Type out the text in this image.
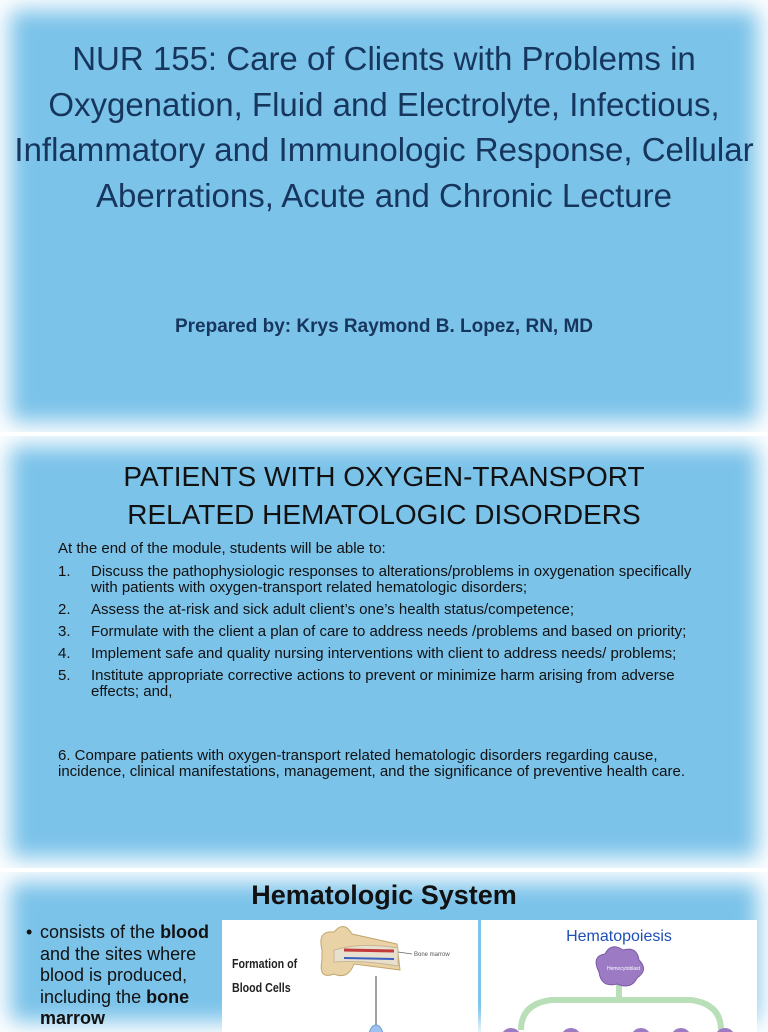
NUR 155: Care of Clients with Problems in Oxygenation, Fluid and Electrolyte, Infectious, Inflammatory and Immunologic Response, Cellular Aberrations, Acute and Chronic Lecture
Prepared by: Krys Raymond B. Lopez, RN, MD
PATIENTS WITH OXYGEN-TRANSPORT
RELATED HEMATOLOGIC DISORDERS
At the end of the module, students will be able to:
1.	Discuss the pathophysiologic responses to alterations/problems in oxygenation specifically with patients with oxygen-transport related hematologic disorders;
2.	Assess the at-risk and sick adult client’s one’s health status/competence;
3.	Formulate with the client a plan of care to address needs /problems and based on priority;
4.	Implement safe and quality nursing interventions with client to address needs/ problems;
5.	Institute appropriate corrective actions to prevent or minimize harm arising from adverse effects; and,
6. Compare patients with oxygen-transport related hematologic disorders regarding cause, incidence, clinical manifestations, management, and the significance of preventive health care.
Hematologic System
• consists of the blood and the sites where blood is produced, including the bone marrow
Formation of
Blood Cells
Bone marrow
Hematopoiesis
Hemocytoblast
